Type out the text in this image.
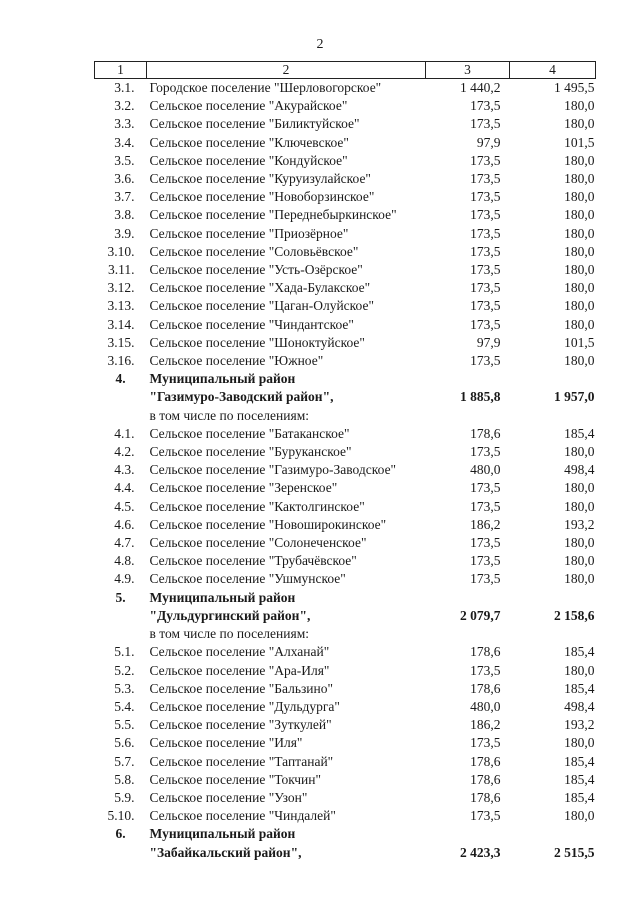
2
1	2	3	4
3.1.	Городское поселение "Шерловогорское"	1 440,2	1 495,5
3.2.	Сельское поселение "Акурайское"	173,5	180,0
3.3.	Сельское поселение "Биликтуйское"	173,5	180,0
3.4.	Сельское поселение "Ключевское"	97,9	101,5
3.5.	Сельское поселение "Кондуйское"	173,5	180,0
3.6.	Сельское поселение "Куруизулайское"	173,5	180,0
3.7.	Сельское поселение "Новоборзинское"	173,5	180,0
3.8.	Сельское поселение "Переднебыркинское"	173,5	180,0
3.9.	Сельское поселение "Приозёрное"	173,5	180,0
3.10.	Сельское поселение "Соловьёвское"	173,5	180,0
3.11.	Сельское поселение "Усть-Озёрское"	173,5	180,0
3.12.	Сельское поселение "Хада-Булакское"	173,5	180,0
3.13.	Сельское поселение "Цаган-Олуйское"	173,5	180,0
3.14.	Сельское поселение "Чиндантское"	173,5	180,0
3.15.	Сельское поселение "Шоноктуйское"	97,9	101,5
3.16.	Сельское поселение "Южное"	173,5	180,0
4.	Муниципальный район		
	"Газимуро-Заводский район",	1 885,8	1 957,0
	в том числе по поселениям:		
4.1.	Сельское поселение "Батаканское"	178,6	185,4
4.2.	Сельское поселение "Буруканское"	173,5	180,0
4.3.	Сельское поселение "Газимуро-Заводское"	480,0	498,4
4.4.	Сельское поселение "Зеренское"	173,5	180,0
4.5.	Сельское поселение "Кактолгинское"	173,5	180,0
4.6.	Сельское поселение "Новоширокинское"	186,2	193,2
4.7.	Сельское поселение "Солонеченское"	173,5	180,0
4.8.	Сельское поселение "Трубачёвское"	173,5	180,0
4.9.	Сельское поселение "Ушмунское"	173,5	180,0
5.	Муниципальный район		
	"Дульдургинский район",	2 079,7	2 158,6
	в том числе по поселениям:		
5.1.	Сельское поселение "Алханай"	178,6	185,4
5.2.	Сельское поселение "Ара-Иля"	173,5	180,0
5.3.	Сельское поселение "Бальзино"	178,6	185,4
5.4.	Сельское поселение "Дульдурга"	480,0	498,4
5.5.	Сельское поселение "Зуткулей"	186,2	193,2
5.6.	Сельское поселение "Иля"	173,5	180,0
5.7.	Сельское поселение "Таптанай"	178,6	185,4
5.8.	Сельское поселение "Токчин"	178,6	185,4
5.9.	Сельское поселение "Узон"	178,6	185,4
5.10.	Сельское поселение "Чиндалей"	173,5	180,0
6.	Муниципальный район		
	"Забайкальский район",	2 423,3	2 515,5
